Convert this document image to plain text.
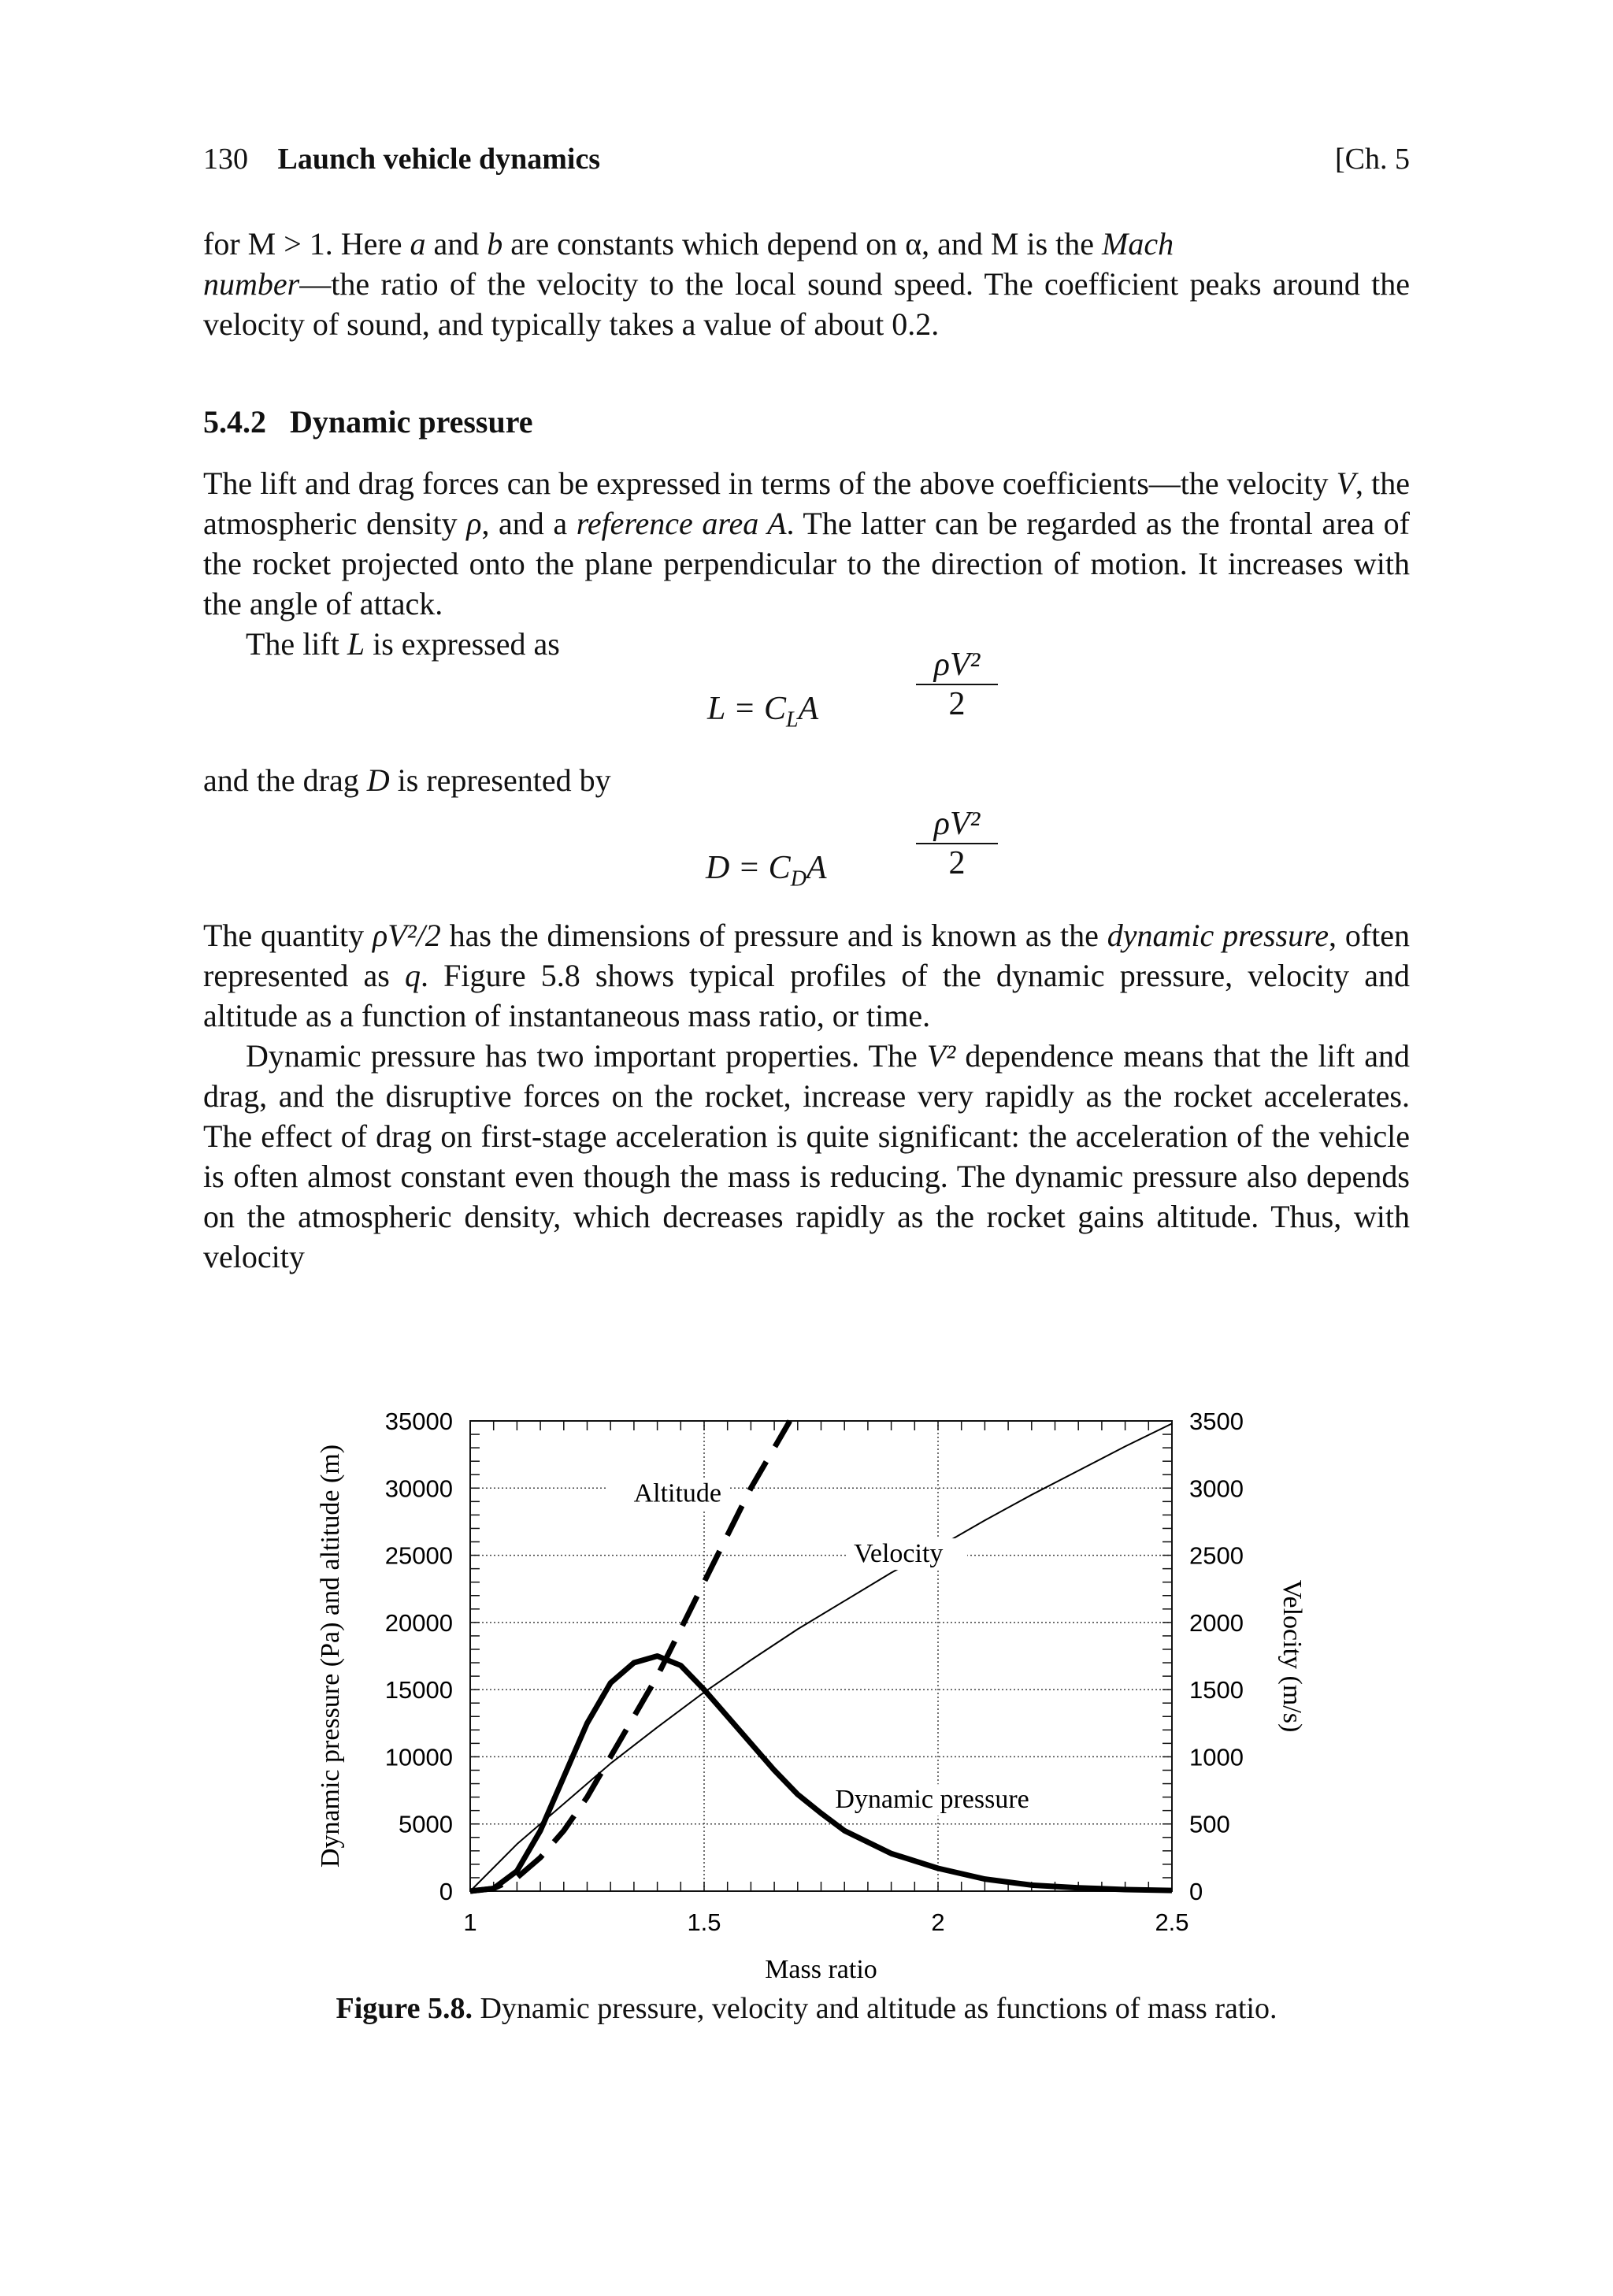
130 Launch vehicle dynamics	[Ch. 5

for M > 1. Here a and b are constants which depend on α, and M is the Mach
number—the ratio of the velocity to the local sound speed. The coefficient peaks around the velocity of sound, and typically takes a value of about 0.2.

5.4.2 Dynamic pressure

The lift and drag forces can be expressed in terms of the above coefficients—the velocity V, the atmospheric density ρ, and a reference area A. The latter can be regarded as the frontal area of the rocket projected onto the plane perpendicular to the direction of motion. It increases with the angle of attack.

The lift L is expressed as

$L = C_LA$
ρV²
2

and the drag D is represented by

$D = C_DA$
ρV²
2

The quantity ρV²/2 has the dimensions of pressure and is known as the dynamic pressure, often represented as q. Figure 5.8 shows typical profiles of the dynamic pressure, velocity and altitude as a function of instantaneous mass ratio, or time.

Dynamic pressure has two important properties. The V² dependence means that the lift and drag, and the disruptive forces on the rocket, increase very rapidly as the rocket accelerates. The effect of drag on first-stage acceleration is quite significant: the acceleration of the vehicle is often almost constant even though the mass is reducing. The dynamic pressure also depends on the atmospheric density, which decreases rapidly as the rocket gains altitude. Thus, with velocity

0
5000
10000
15000
20000
25000
30000
35000
0
500
1000
1500
2000
2500
3000
3500
1	1.5	2	2.5
Altitude
Velocity
Dynamic pressure
Mass ratio
Dynamic pressure (Pa) and altitude (m)	Velocity (m/s)
Figure 5.8. Dynamic pressure, velocity and altitude as functions of mass ratio.
